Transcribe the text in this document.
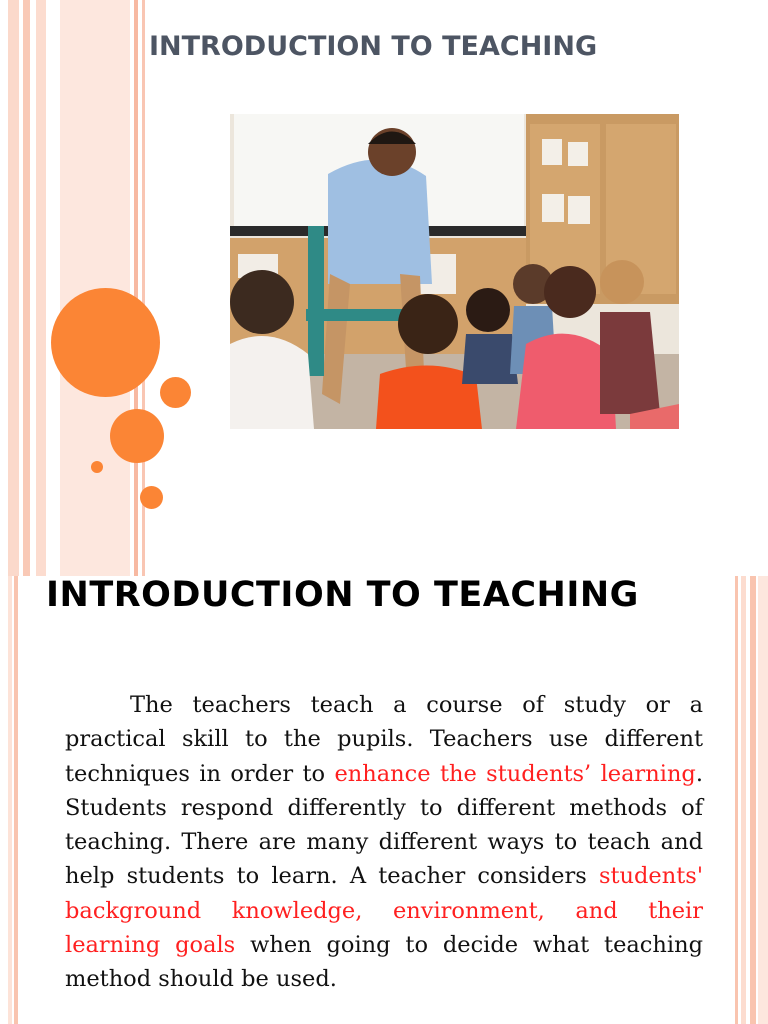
INTRODUCTION TO TEACHING
INTRODUCTION TO TEACHING

The teachers teach a course of study or a practical skill to the pupils. Teachers use different techniques in order to enhance the students’ learning. Students respond differently to different methods of teaching. There are many different ways to teach and help students to learn. A teacher considers students' background knowledge, environment, and their learning goals when going to decide what teaching method should be used.
